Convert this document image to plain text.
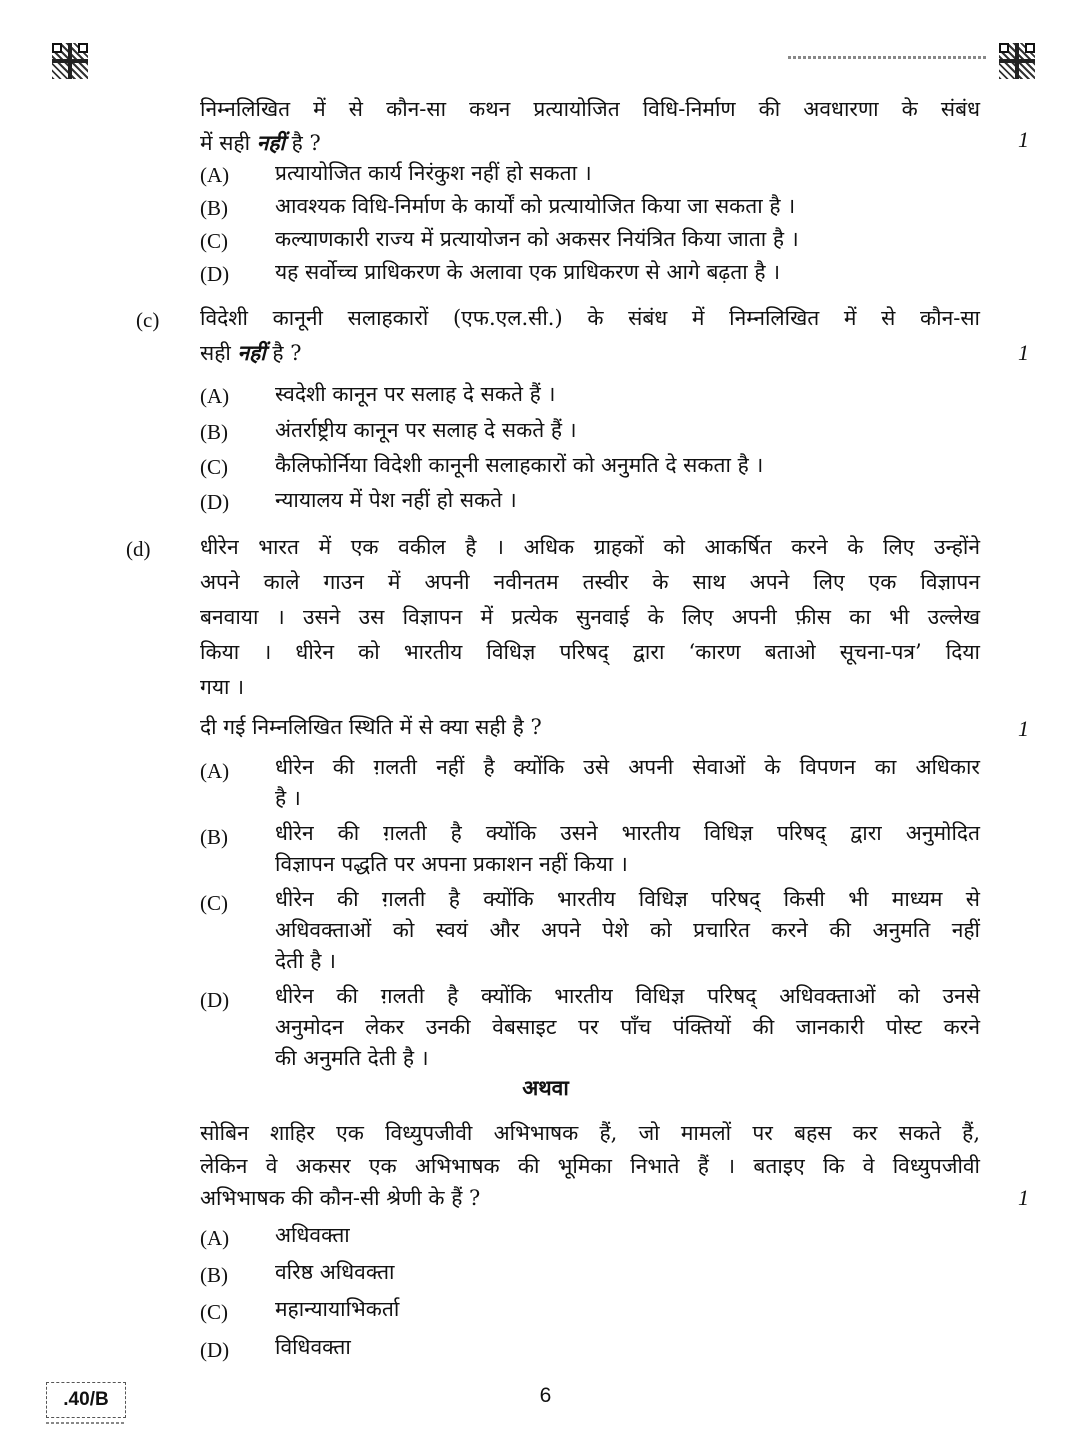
निम्नलिखित में से कौन-सा कथन प्रत्यायोजित विधि-निर्माण की अवधारणा के संबंध
में सही नहीं है ?	1
(A) प्रत्यायोजित कार्य निरंकुश नहीं हो सकता ।
(B) आवश्यक विधि-निर्माण के कार्यों को प्रत्यायोजित किया जा सकता है ।
(C) कल्याणकारी राज्य में प्रत्यायोजन को अकसर नियंत्रित किया जाता है ।
(D) यह सर्वोच्च प्राधिकरण के अलावा एक प्राधिकरण से आगे बढ़ता है ।
(c) विदेशी कानूनी सलाहकारों (एफ.एल.सी.) के संबंध में निम्नलिखित में से कौन-सा
सही नहीं है ?	1
(A) स्वदेशी कानून पर सलाह दे सकते हैं ।
(B) अंतर्राष्ट्रीय कानून पर सलाह दे सकते हैं ।
(C) कैलिफोर्निया विदेशी कानूनी सलाहकारों को अनुमति दे सकता है ।
(D) न्यायालय में पेश नहीं हो सकते ।
(d) धीरेन भारत में एक वकील है । अधिक ग्राहकों को आकर्षित करने के लिए उन्होंने
अपने काले गाउन में अपनी नवीनतम तस्वीर के साथ अपने लिए एक विज्ञापन
बनवाया । उसने उस विज्ञापन में प्रत्येक सुनवाई के लिए अपनी फ़ीस का भी उल्लेख
किया । धीरेन को भारतीय विधिज्ञ परिषद् द्वारा ‘कारण बताओ सूचना-पत्र’ दिया
गया ।
दी गई निम्नलिखित स्थिति में से क्या सही है ?	1
(A) धीरेन की ग़लती नहीं है क्योंकि उसे अपनी सेवाओं के विपणन का अधिकार
है ।
(B) धीरेन की ग़लती है क्योंकि उसने भारतीय विधिज्ञ परिषद् द्वारा अनुमोदित
विज्ञापन पद्धति पर अपना प्रकाशन नहीं किया ।
(C) धीरेन की ग़लती है क्योंकि भारतीय विधिज्ञ परिषद् किसी भी माध्यम से
अधिवक्ताओं को स्वयं और अपने पेशे को प्रचारित करने की अनुमति नहीं
देती है ।
(D) धीरेन की ग़लती है क्योंकि भारतीय विधिज्ञ परिषद् अधिवक्ताओं को उनसे
अनुमोदन लेकर उनकी वेबसाइट पर पाँच पंक्तियों की जानकारी पोस्ट करने
की अनुमति देती है ।
अथवा
सोबिन शाहिर एक विध्युपजीवी अभिभाषक हैं, जो मामलों पर बहस कर सकते हैं,
लेकिन वे अकसर एक अभिभाषक की भूमिका निभाते हैं । बताइए कि वे विध्युपजीवी
अभिभाषक की कौन-सी श्रेणी के हैं ?	1
(A) अधिवक्ता
(B) वरिष्ठ अधिवक्ता
(C) महान्यायाभिकर्ता
(D) विधिवक्ता
.40/B	6
